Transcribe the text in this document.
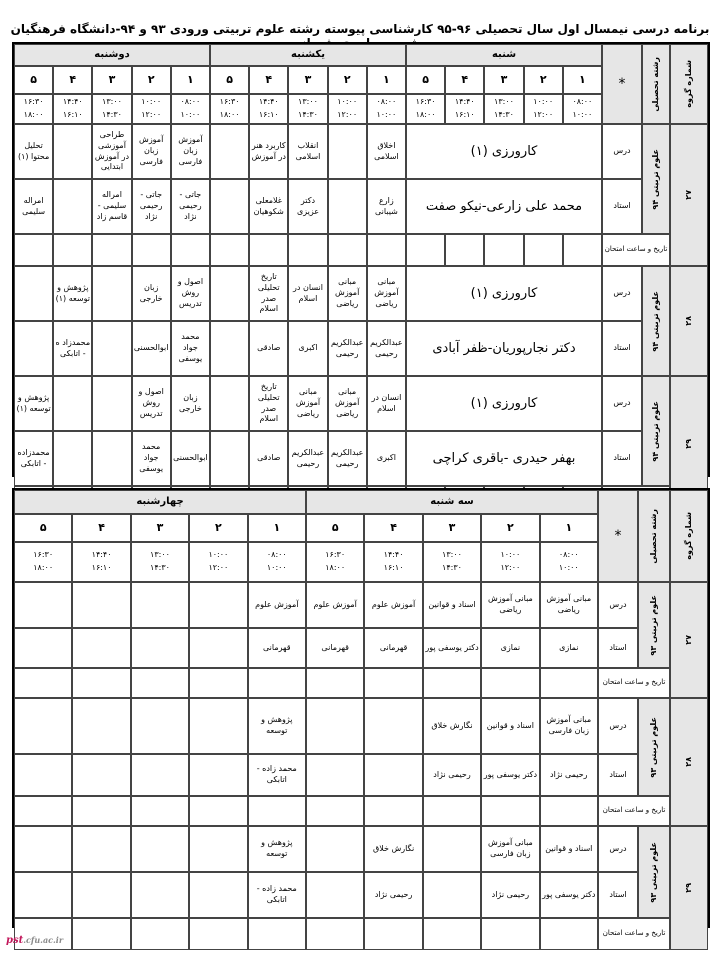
برنامه درسی نیمسال اول سال تحصیلی ۹۶-۹۵ کارشناسی پیوسته رشته علوم تربیتی ورودی ۹۳ و ۹۴-دانشگاه فرهنگیان
شماره گروه
رشته تحصیلی
*
شنبه
۱
۰۸:۰۰
۱۰:۰۰
۲
۱۰:۰۰
۱۲:۰۰
۳
۱۳:۰۰
۱۴:۳۰
۴
۱۴:۴۰
۱۶:۱۰
۵
۱۶:۳۰
۱۸:۰۰
یکشنبه
۱
۰۸:۰۰
۱۰:۰۰
۲
۱۰:۰۰
۱۲:۰۰
۳
۱۳:۰۰
۱۴:۳۰
۴
۱۴:۴۰
۱۶:۱۰
۵
۱۶:۳۰
۱۸:۰۰
دوشنبه
۱
۰۸:۰۰
۱۰:۰۰
۲
۱۰:۰۰
۱۲:۰۰
۳
۱۳:۰۰
۱۴:۳۰
۴
۱۴:۴۰
۱۶:۱۰
۵
۱۶:۳۰
۱۸:۰۰
۲۷
علوم تربیتی ۹۴
درس
استاد
تاریخ و ساعت امتحان
کارورزی (۱)
محمد علی زارعی-نیکو صفت
اخلاق اسلامی
زارع شیبانی
انقلاب اسلامی
دکتر عزیزی
کاربرد هنر در آموزش
غلامعلی شکوهیان
آموزش زبان فارسی
جاتی - رحیمی نژاد
آموزش زبان فارسی
جاتی - رحیمی نژاد
طراحی آموزشی در آموزش ابتدایی
امراله سلیمی - قاسم زاد
تحلیل محتوا (۱)
امراله سلیمی
۲۸
علوم تربیتی ۹۴
درس
استاد
کارورزی (۱)
دکتر نجارپوریان-ظفر آبادی
مبانی آموزش ریاضی
عبدالکریم رحیمی
مبانی آموزش ریاضی
عبدالکریم رحیمی
انسان در اسلام
اکبری
تاریخ تحلیلی صدر اسلام
صادقی
اصول و روش تدریس
محمد جواد یوسفی
زبان خارجی
ابوالحسنی
پژوهش و توسعه (۱)
محمدزاد ه - اتابکی
۲۹
علوم تربیتی ۹۴
درس
استاد
کارورزی (۱)
بهفر حیدری -باقری کراچی
انسان در اسلام
اکبری
مبانی آموزش ریاضی
عبدالکریم رحیمی
مبانی آموزش ریاضی
عبدالکریم رحیمی
تاریخ تحلیلی صدر اسلام
صادقی
زبان خارجی
ابوالحسنی
اصول و روش تدریس
محمد جواد یوسفی
پژوهش و توسعه (۱)
محمدزاده - اتابکی
شماره گروه
رشته تحصیلی
*
سه شنبه
۱
۰۸:۰۰
۱۰:۰۰
۲
۱۰:۰۰
۱۲:۰۰
۳
۱۳:۰۰
۱۴:۳۰
۴
۱۴:۴۰
۱۶:۱۰
۵
۱۶:۳۰
۱۸:۰۰
چهارشنبه
۱
۰۸:۰۰
۱۰:۰۰
۲
۱۰:۰۰
۱۲:۰۰
۳
۱۳:۰۰
۱۴:۳۰
۴
۱۴:۴۰
۱۶:۱۰
۵
۱۶:۳۰
۱۸:۰۰
۲۷
علوم تربیتی ۹۳
درس
استاد
تاریخ و ساعت امتحان
مبانی آموزش ریاضی
نمازی
مبانی آموزش ریاضی
نمازی
اسناد و قوانین
دکتر یوسفی پور
آموزش علوم
قهرمانی
آموزش علوم
قهرمانی
آموزش علوم
قهرمانی
۲۸
علوم تربیتی ۹۳
درس
استاد
تاریخ و ساعت امتحان
مبانی آموزش زبان فارسی
رحیمی نژاد
اسناد و قوانین
دکتر یوسفی پور
نگارش خلاق
رحیمی نژاد
پژوهش و توسعه
محمد زاده - اتابکی
۲۹
علوم تربیتی ۹۳
درس
استاد
تاریخ و ساعت امتحان
اسناد و قوانین
دکتر یوسفی پور
مبانی آموزش زبان فارسی
رحیمی نژاد
نگارش خلاق
رحیمی نژاد
پژوهش و توسعه
محمد زاده - اتابکی
pst.cfu.ac.ir
